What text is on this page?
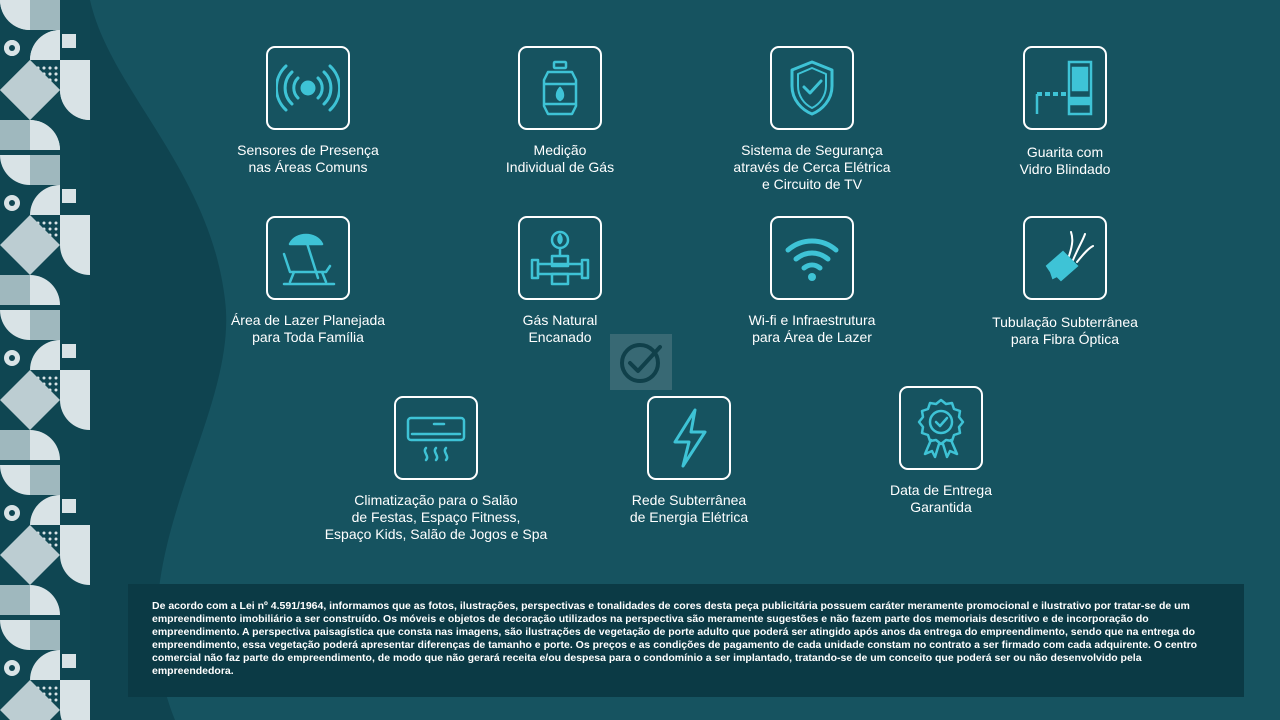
Sensores de Presença
nas Áreas Comuns
Medição
Individual de Gás
Sistema de Segurança
através de Cerca Elétrica
e Circuito de TV
Guarita com
Vidro Blindado
Área de Lazer Planejada
para Toda Família
Gás Natural
Encanado
Wi-fi e Infraestrutura
para Área de Lazer
Tubulação Subterrânea
para Fibra Óptica
Climatização para o Salão
de Festas, Espaço Fitness,
Espaço Kids, Salão de Jogos e Spa
Rede Subterrânea
de Energia Elétrica
Data de Entrega
Garantida

De acordo com a Lei nº 4.591/1964, informamos que as fotos, ilustrações, perspectivas e tonalidades de cores desta peça publicitária possuem caráter meramente promocional e ilustrativo por tratar-se de um empreendimento imobiliário a ser construído. Os móveis e objetos de decoração utilizados na perspectiva são meramente sugestões e não fazem parte dos memoriais descritivo e de incorporação do empreendimento. A perspectiva paisagística que consta nas imagens, são ilustrações de vegetação de porte adulto que poderá ser atingido após anos da entrega do empreendimento, sendo que na entrega do empreendimento, essa vegetação poderá apresentar diferenças de tamanho e porte. Os preços e as condições de pagamento de cada unidade constam no contrato a ser firmado com cada adquirente. O centro comercial não faz parte do empreendimento, de modo que não gerará receita e/ou despesa para o condomínio a ser implantado, tratando-se de um conceito que poderá ser ou não desenvolvido pela empreendedora.
